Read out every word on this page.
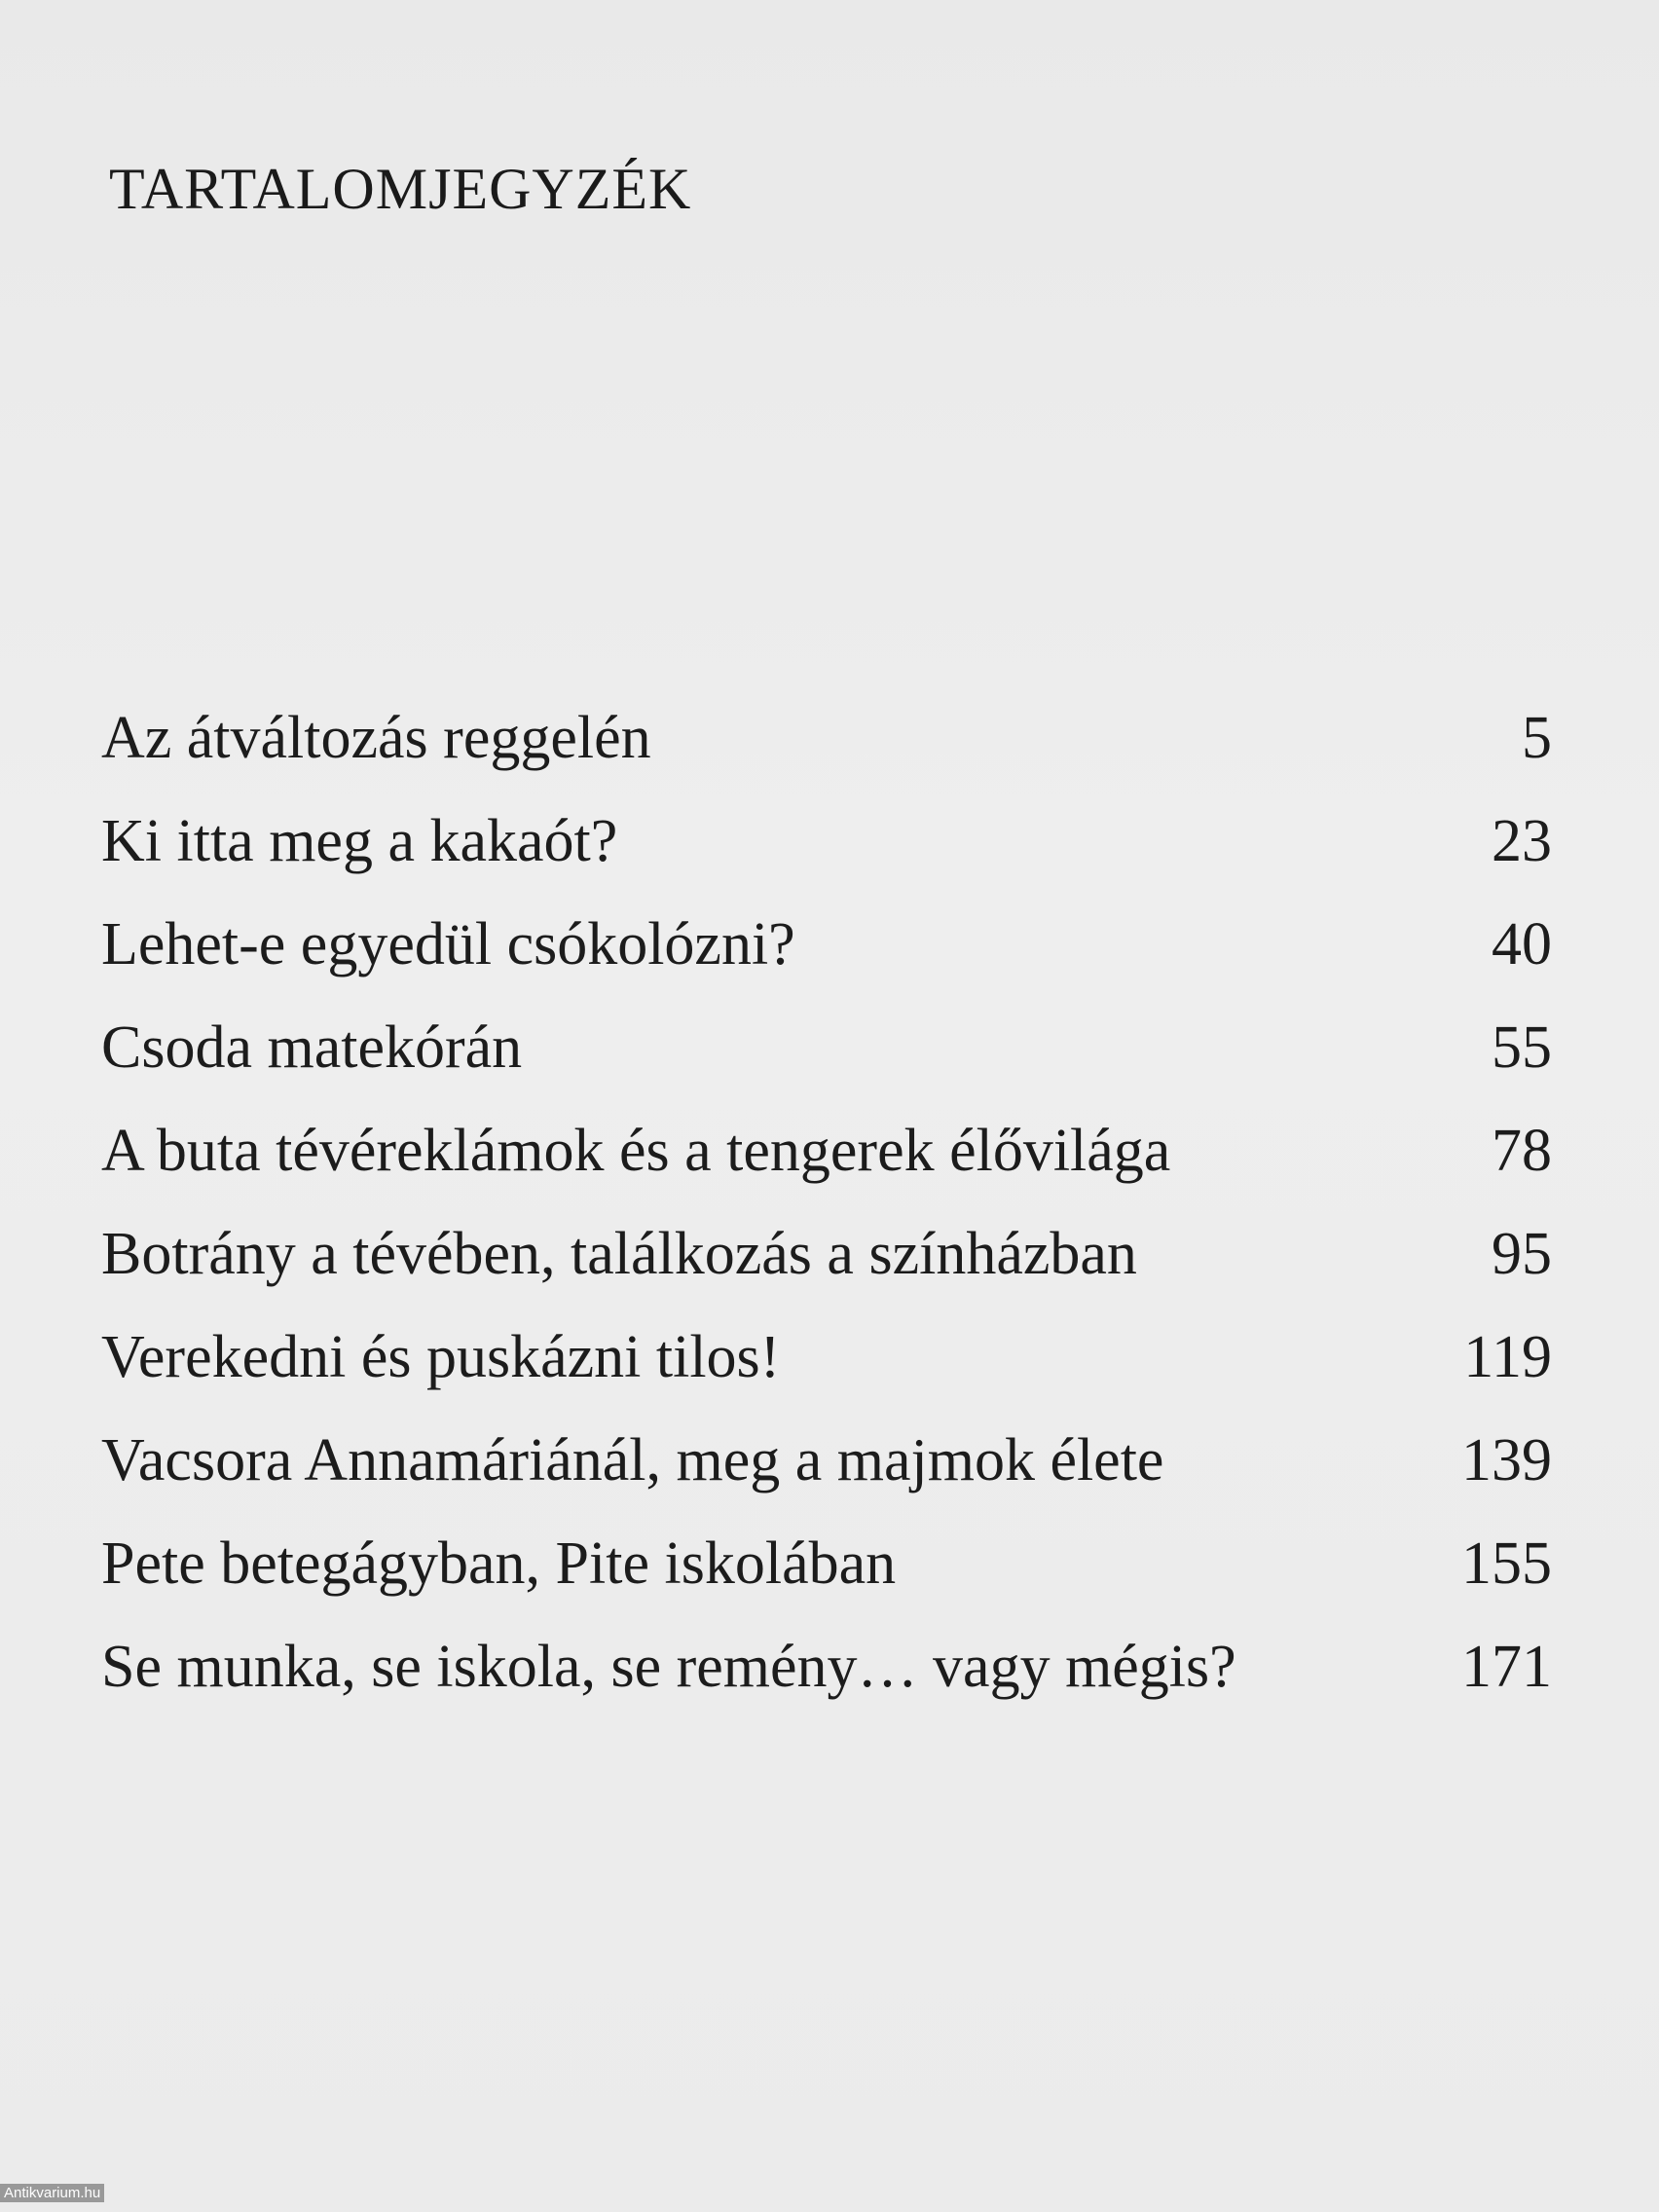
TARTALOMJEGYZÉK
Az átváltozás reggelén	5
Ki itta meg a kakaót?	23
Lehet-e egyedül csókolózni?	40
Csoda matekórán	55
A buta tévéreklámok és a tengerek élővilága	78
Botrány a tévében, találkozás a színházban	95
Verekedni és puskázni tilos!	119
Vacsora Annamáriánál, meg a majmok élete	139
Pete betegágyban, Pite iskolában	155
Se munka, se iskola, se remény… vagy mégis?	171
Antikvarium.hu
